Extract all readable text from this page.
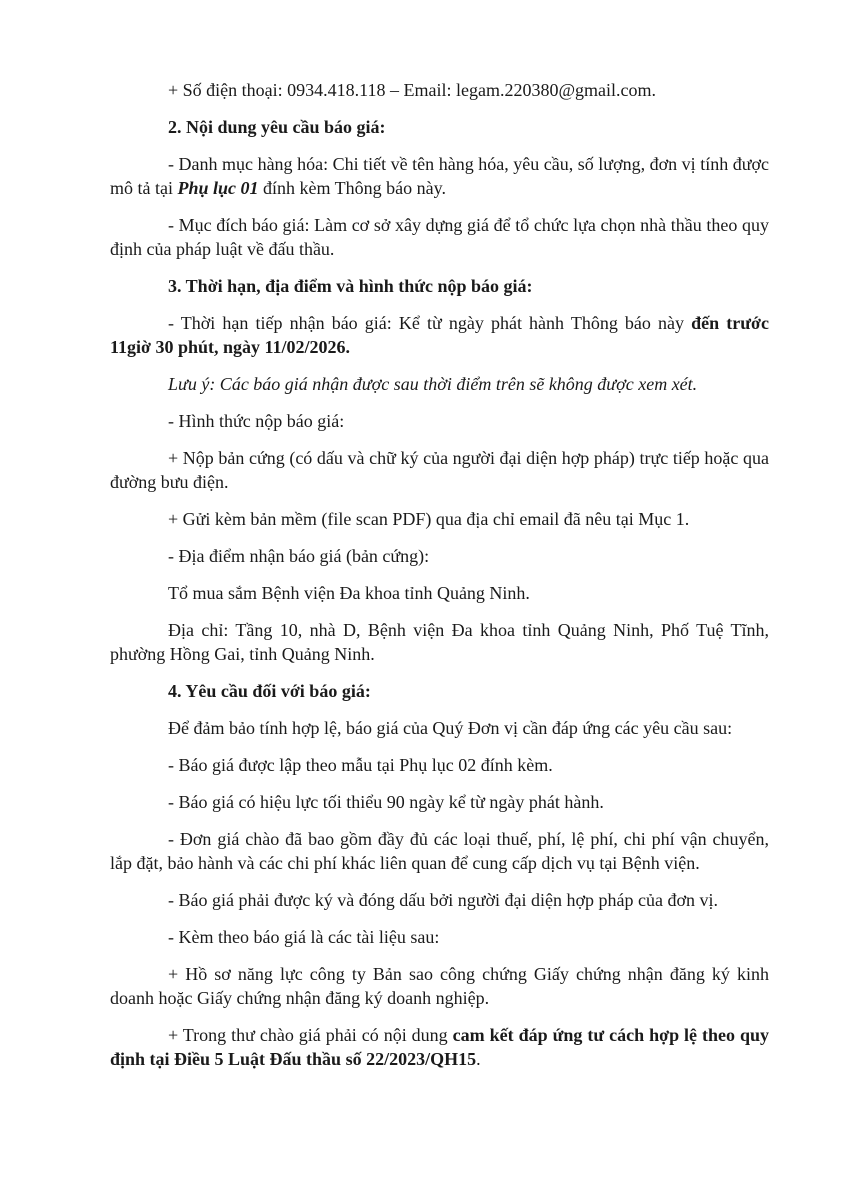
+ Số điện thoại: 0934.418.118 – Email: legam.220380@gmail.com.

2. Nội dung yêu cầu báo giá:

- Danh mục hàng hóa: Chi tiết về tên hàng hóa, yêu cầu, số lượng, đơn vị tính được mô tả tại Phụ lục 01 đính kèm Thông báo này.

- Mục đích báo giá: Làm cơ sở xây dựng giá để tổ chức lựa chọn nhà thầu theo quy định của pháp luật về đấu thầu.

3. Thời hạn, địa điểm và hình thức nộp báo giá:

- Thời hạn tiếp nhận báo giá: Kể từ ngày phát hành Thông báo này đến trước 11giờ 30 phút, ngày 11/02/2026.

Lưu ý: Các báo giá nhận được sau thời điểm trên sẽ không được xem xét.

- Hình thức nộp báo giá:

+ Nộp bản cứng (có dấu và chữ ký của người đại diện hợp pháp) trực tiếp hoặc qua đường bưu điện.

+ Gửi kèm bản mềm (file scan PDF) qua địa chỉ email đã nêu tại Mục 1.

- Địa điểm nhận báo giá (bản cứng):

Tổ mua sắm Bệnh viện Đa khoa tỉnh Quảng Ninh.

Địa chỉ: Tầng 10, nhà D, Bệnh viện Đa khoa tỉnh Quảng Ninh, Phố Tuệ Tĩnh, phường Hồng Gai, tỉnh Quảng Ninh.

4. Yêu cầu đối với báo giá:

Để đảm bảo tính hợp lệ, báo giá của Quý Đơn vị cần đáp ứng các yêu cầu sau:

- Báo giá được lập theo mẫu tại Phụ lục 02 đính kèm.

- Báo giá có hiệu lực tối thiểu 90 ngày kể từ ngày phát hành.

- Đơn giá chào đã bao gồm đầy đủ các loại thuế, phí, lệ phí, chi phí vận chuyển, lắp đặt, bảo hành và các chi phí khác liên quan để cung cấp dịch vụ tại Bệnh viện.

- Báo giá phải được ký và đóng dấu bởi người đại diện hợp pháp của đơn vị.

- Kèm theo báo giá là các tài liệu sau:

+ Hồ sơ năng lực công ty Bản sao công chứng Giấy chứng nhận đăng ký kinh doanh hoặc Giấy chứng nhận đăng ký doanh nghiệp.

+ Trong thư chào giá phải có nội dung cam kết đáp ứng tư cách hợp lệ theo quy định tại Điều 5 Luật Đấu thầu số 22/2023/QH15.
